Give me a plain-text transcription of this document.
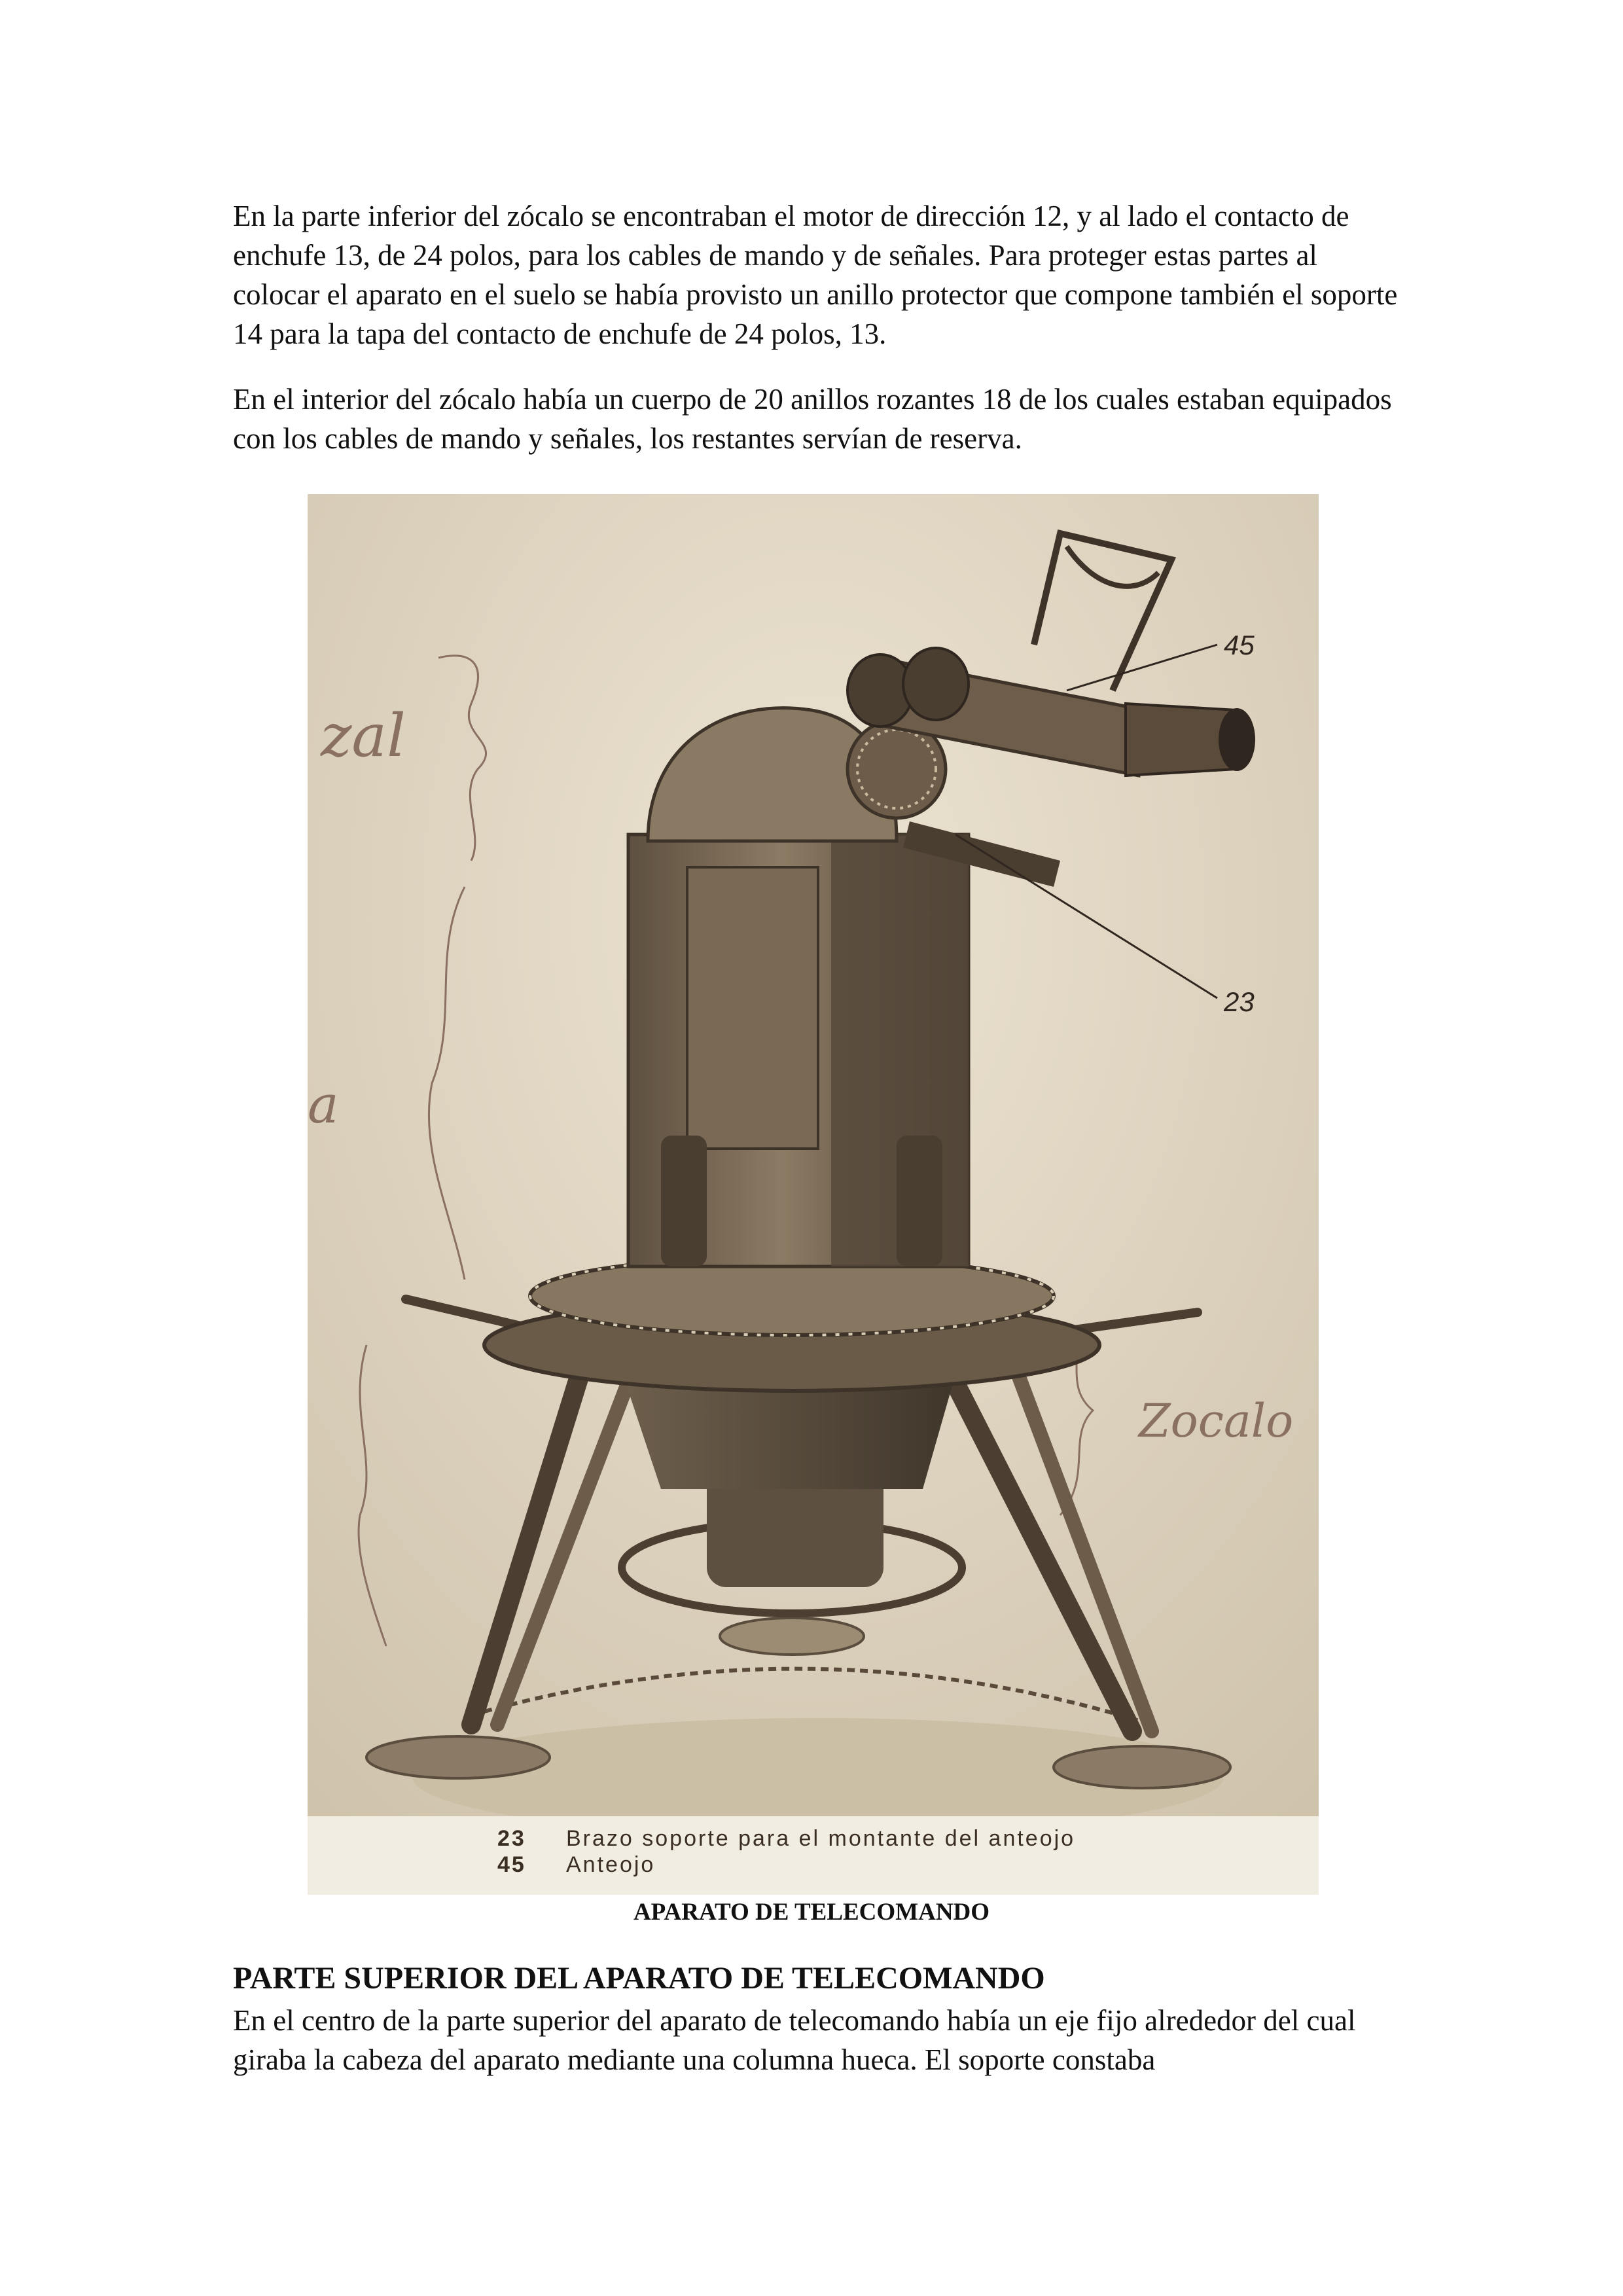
En la parte inferior del zócalo se encontraban el motor de dirección 12, y al lado el contacto de enchufe 13, de 24 polos, para los cables de mando y de señales. Para proteger estas partes al colocar el aparato en el suelo se había provisto un anillo protector que compone también el soporte 14 para la tapa del contacto de enchufe de 24 polos, 13.

En el interior del zócalo había un cuerpo de 20 anillos rozantes 18 de los cuales estaban equipados con los cables de mando y señales, los restantes servían de reserva.

zal
a
Zocalo
45
23
23 Brazo soporte para el montante del anteojo
45 Anteojo

APARATO DE TELECOMANDO

PARTE SUPERIOR DEL APARATO DE TELECOMANDO

En el centro de la parte superior del aparato de telecomando había un eje fijo alrededor del cual giraba la cabeza del aparato mediante una columna hueca. El soporte constaba
